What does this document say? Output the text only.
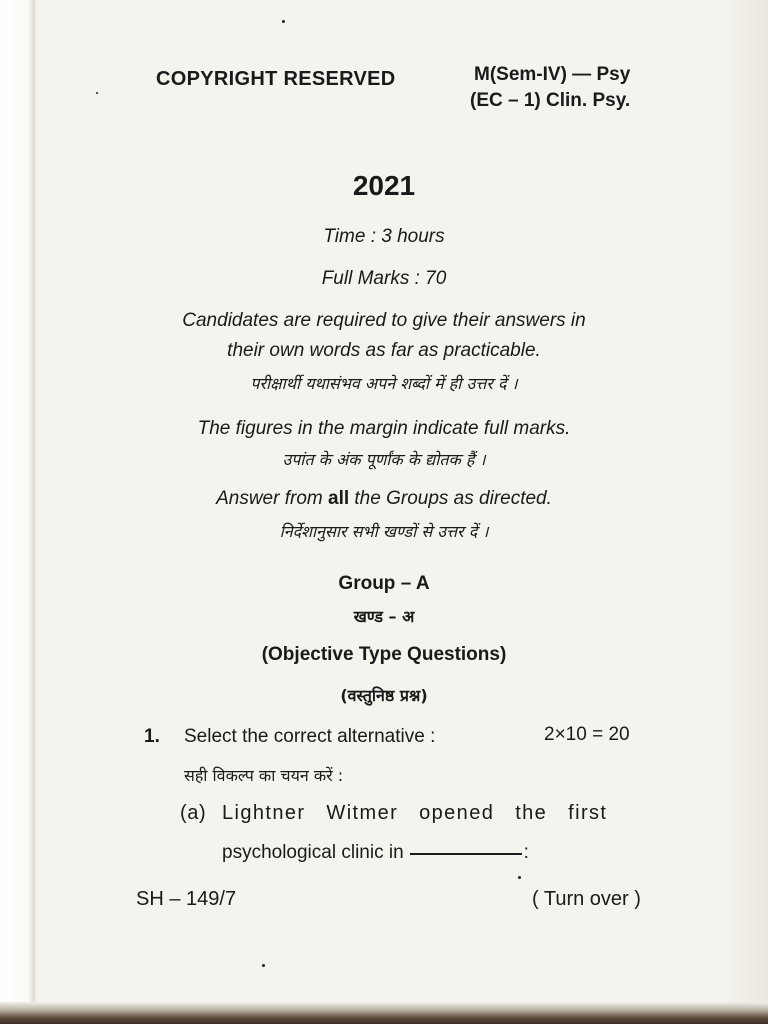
COPYRIGHT RESERVED	M(Sem-IV) — Psy
(EC – 1) Clin. Psy.
2021
Time : 3 hours
Full Marks : 70
Candidates are required to give their answers in
their own words as far as practicable.
परीक्षार्थी यथासंभव अपने शब्दों में ही उत्तर दें ।
The figures in the margin indicate full marks.
उपांत के अंक पूर्णांक के द्योतक हैं ।
Answer from all the Groups as directed.
निर्देशानुसार सभी खण्डों से उत्तर दें ।
Group – A
खण्ड – अ
(Objective Type Questions)
(वस्तुनिष्ठ प्रश्न)
1. Select the correct alternative :	2×10 = 20
सही विकल्प का चयन करें :
(a) Lightner Witmer opened the first
psychological clinic in	:
SH – 149/7	( Turn over )
